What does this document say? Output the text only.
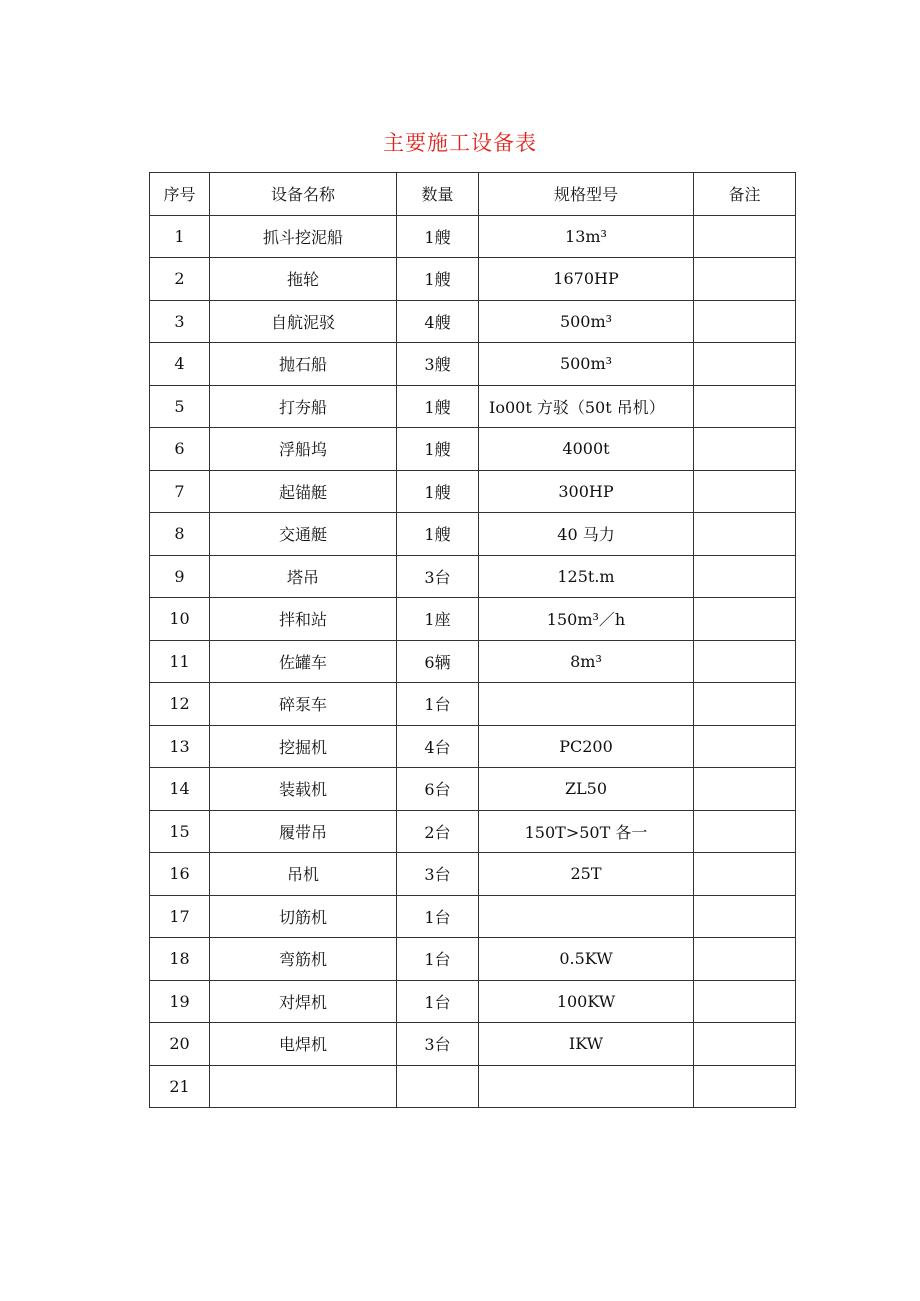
主要施工设备表
序号	设备名称	数量	规格型号	备注
1	抓斗挖泥船	1艘	13m³	
2	拖轮	1艘	1670HP	
3	自航泥驳	4艘	500m³	
4	抛石船	3艘	500m³	
5	打夯船	1艘	Io00t 方驳（50t 吊机）	
6	浮船坞	1艘	4000t	
7	起锚艇	1艘	300HP	
8	交通艇	1艘	40 马力	
9	塔吊	3台	125t.m	
10	拌和站	1座	150m³／h	
11	佐罐车	6辆	8m³	
12	碎泵车	1台		
13	挖掘机	4台	PC200	
14	装载机	6台	ZL50	
15	履带吊	2台	150T>50T 各一	
16	吊机	3台	25T	
17	切筋机	1台		
18	弯筋机	1台	0.5KW	
19	对焊机	1台	100KW	
20	电焊机	3台	IKW	
21				
